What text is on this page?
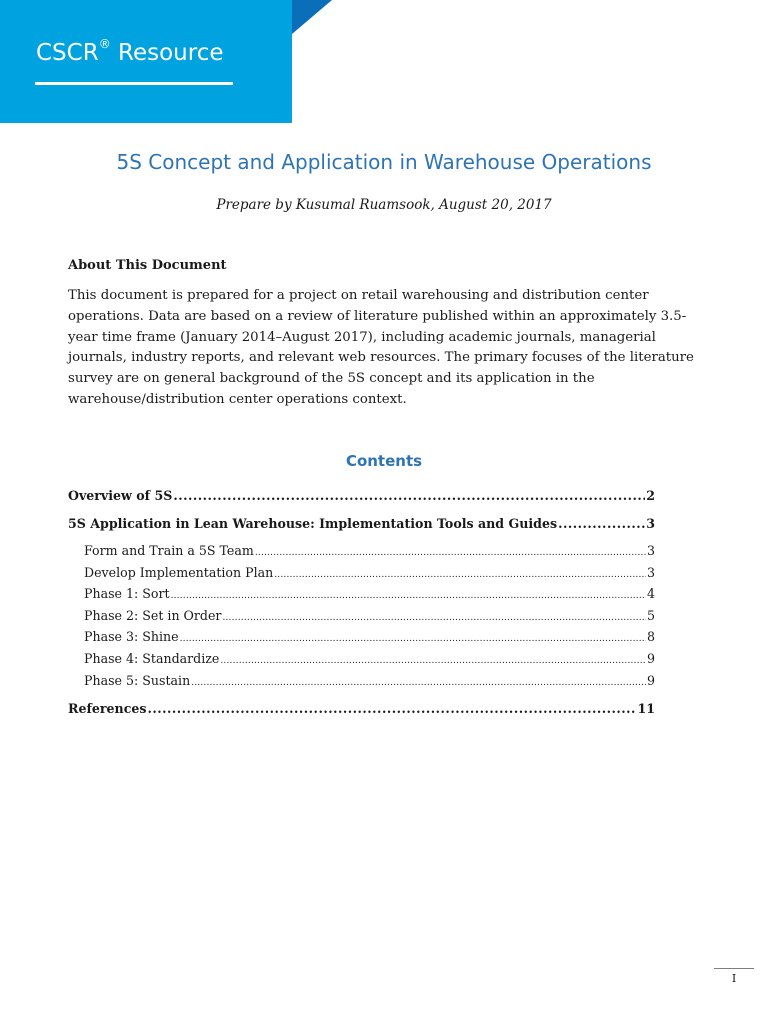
CSCR® Resource
5S Concept and Application in Warehouse Operations
Prepare by Kusumal Ruamsook, August 20, 2017
About This Document
This document is prepared for a project on retail warehousing and distribution center
operations. Data are based on a review of literature published within an approximately 3.5-
year time frame (January 2014–August 2017), including academic journals, managerial
journals, industry reports, and relevant web resources. The primary focuses of the literature
survey are on general background of the 5S concept and its application in the
warehouse/distribution center operations context.
Contents
Overview of 5S .....	2
5S Application in Lean Warehouse: Implementation Tools and Guides .....	3
Form and Train a 5S Team .....	3
Develop Implementation Plan .....	3
Phase 1: Sort .....	4
Phase 2: Set in Order .....	5
Phase 3: Shine .....	8
Phase 4: Standardize .....	9
Phase 5: Sustain .....	9
References .....	11
I
